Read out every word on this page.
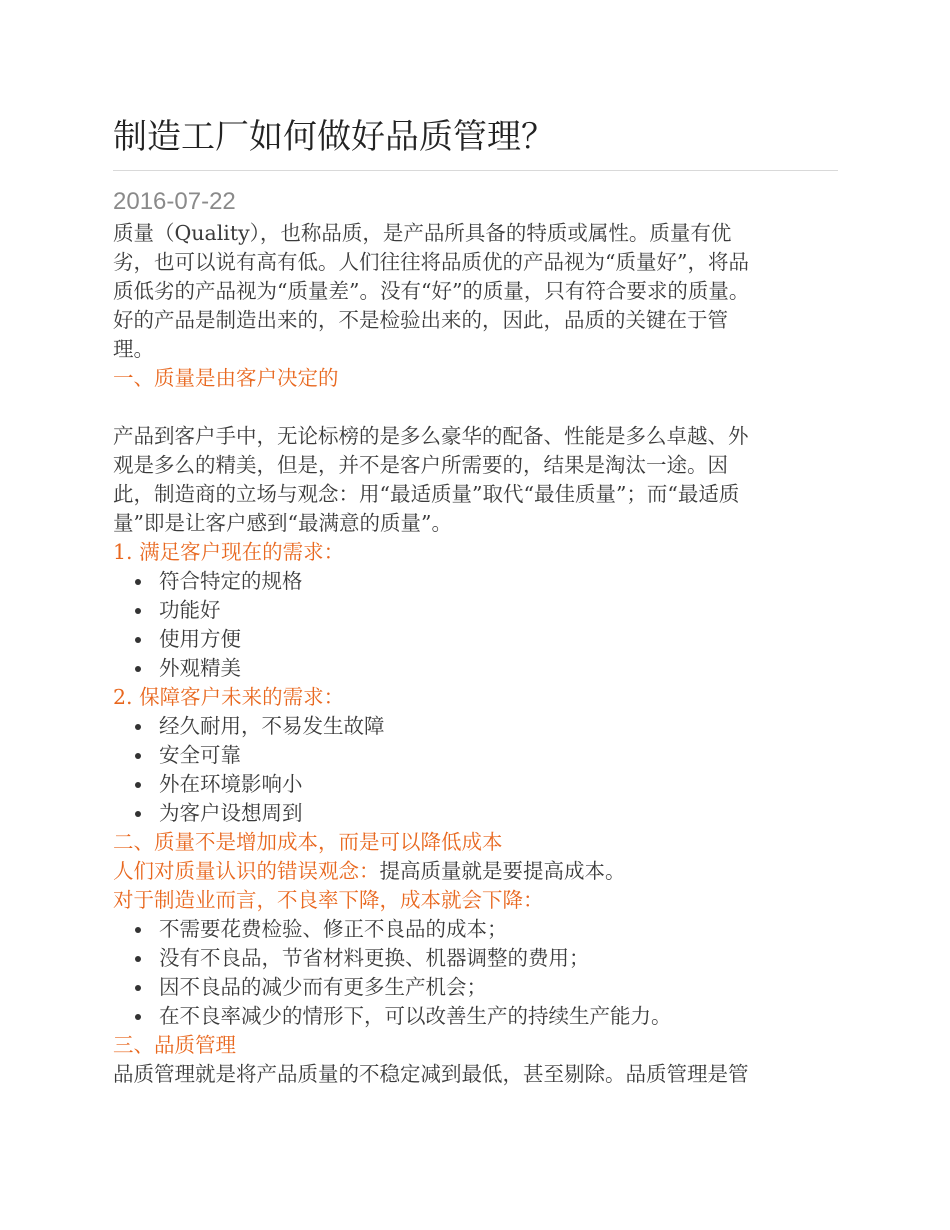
制造工厂如何做好品质管理？
2016-07-22
质量（Quality），也称品质，是产品所具备的特质或属性。质量有优
劣，也可以说有高有低。人们往往将品质优的产品视为“质量好”，将品
质低劣的产品视为“质量差”。没有“好”的质量，只有符合要求的质量。
好的产品是制造出来的，不是检验出来的，因此，品质的关键在于管
理。
一、质量是由客户决定的
产品到客户手中，无论标榜的是多么豪华的配备、性能是多么卓越、外
观是多么的精美，但是，并不是客户所需要的，结果是淘汰一途。因
此，制造商的立场与观念：用“最适质量”取代“最佳质量”；而“最适质
量”即是让客户感到“最满意的质量”。
1. 满足客户现在的需求：
符合特定的规格
功能好
使用方便
外观精美
2. 保障客户未来的需求：
经久耐用，不易发生故障
安全可靠
外在环境影响小
为客户设想周到
二、质量不是增加成本，而是可以降低成本
人们对质量认识的错误观念：提高质量就是要提高成本。
对于制造业而言，不良率下降，成本就会下降：
不需要花费检验、修正不良品的成本；
没有不良品，节省材料更换、机器调整的费用；
因不良品的减少而有更多生产机会；
在不良率减少的情形下，可以改善生产的持续生产能力。
三、品质管理
品质管理就是将产品质量的不稳定减到最低，甚至剔除。品质管理是管
